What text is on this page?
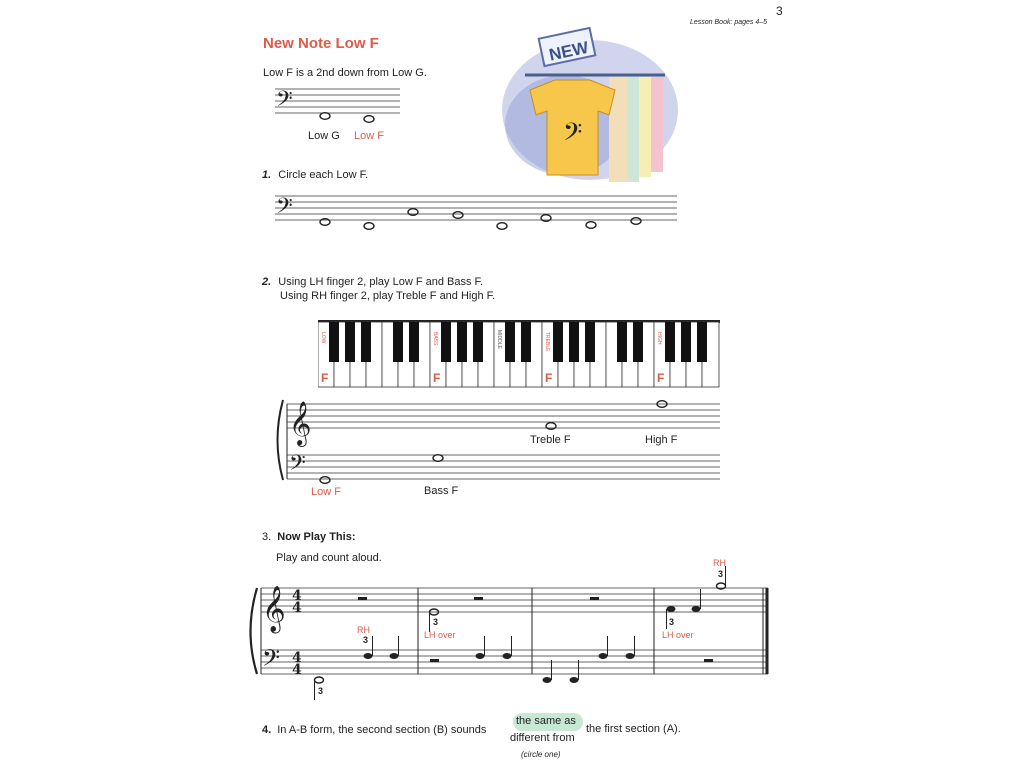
3
Lesson Book: pages 4–5
New Note Low F
Low F is a 2nd down from Low G.
𝄢
NEW
𝄢
Low G Low F
1. Circle each Low F.
𝄢
2. Using LH finger 2, play Low F and Bass F.
Using RH finger 2, play Treble F and High F.
LOW	BASS	MIDDLE	TREBLE	HIGH
F	F	F	F
𝄞
𝄢
Treble F	High F
Low F	Bass F
3. Now Play This:
Play and count aloud.
𝄞
𝄢
4
4
4
4
RH
3
3
LH over
3
LH over
RH
3
3
4. In A-B form, the second section (B) sounds
the same as
different from
the first section (A).
(circle one)
